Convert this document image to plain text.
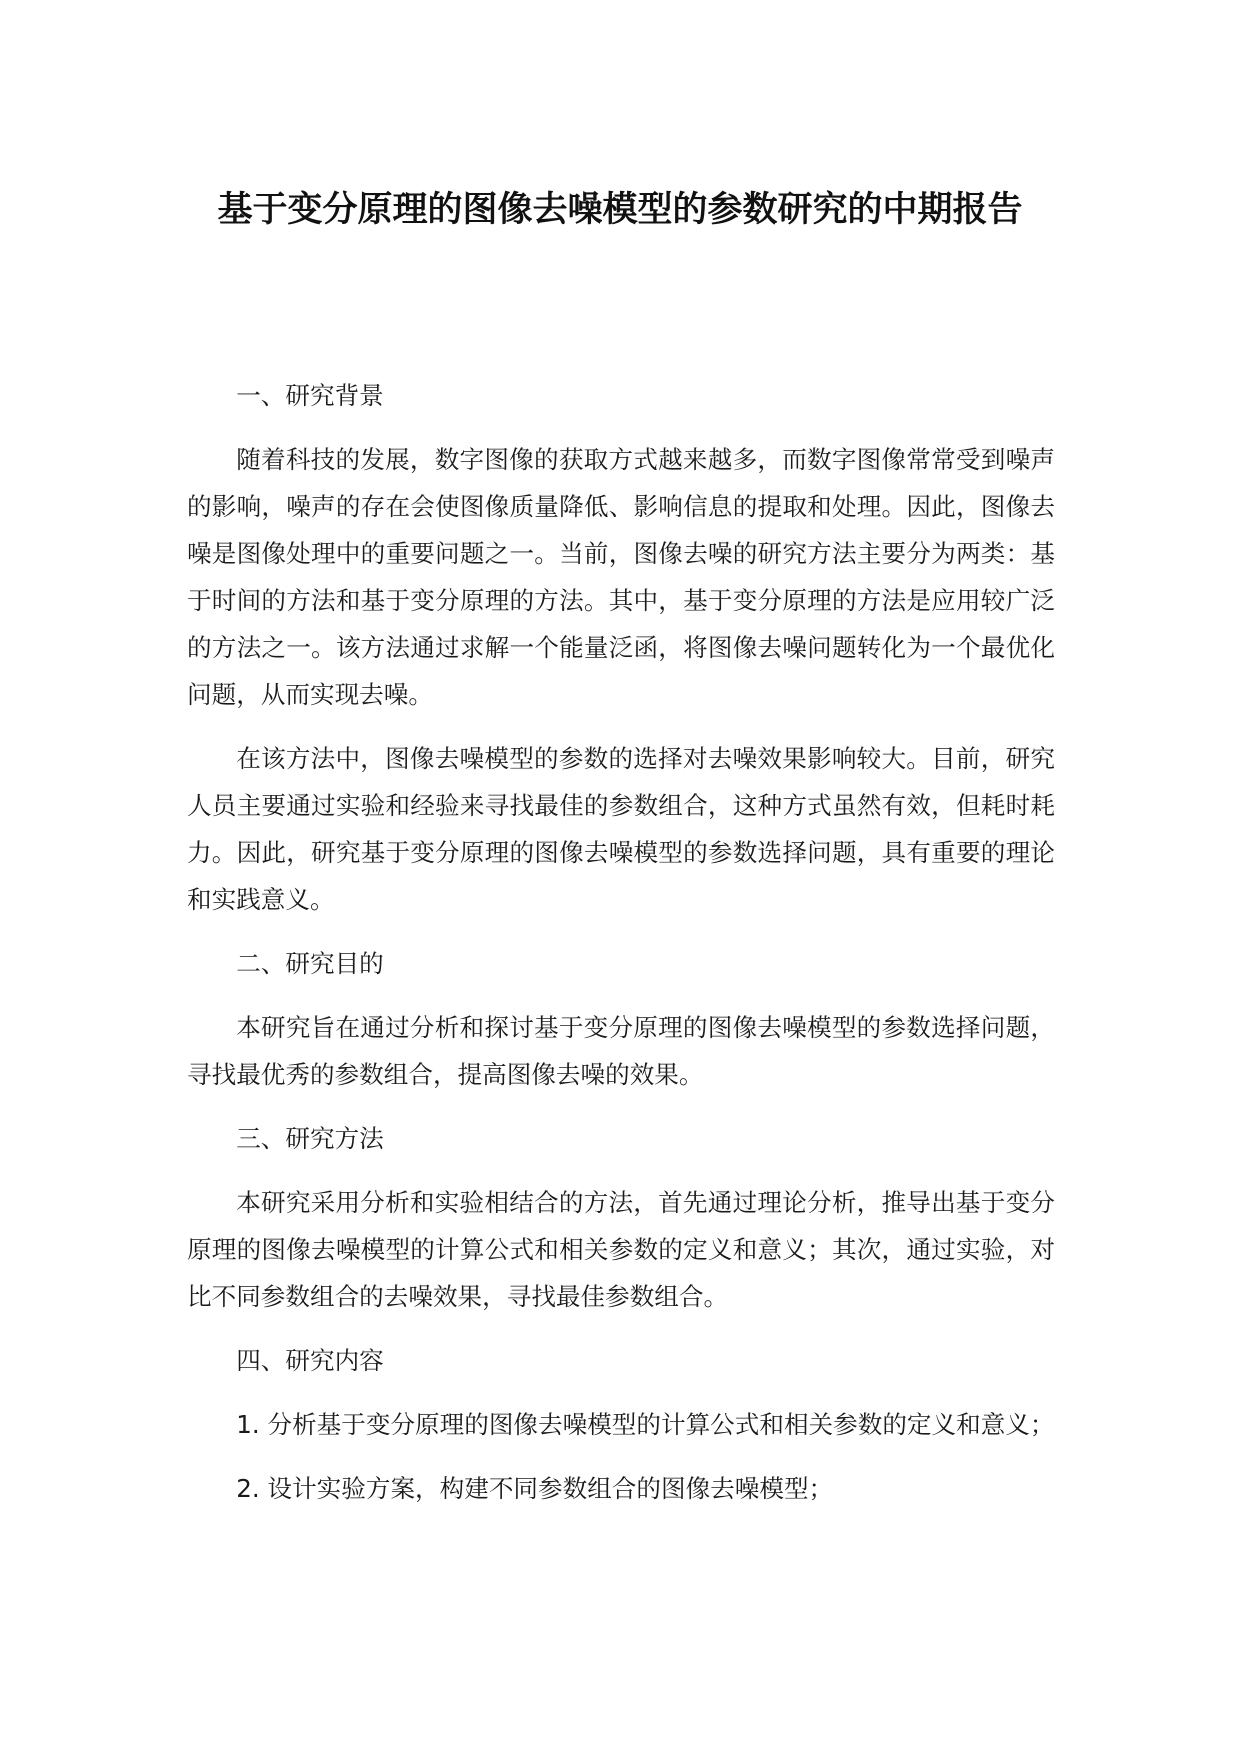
基于变分原理的图像去噪模型的参数研究的中期报告

一、研究背景

随着科技的发展，数字图像的获取方式越来越多，而数字图像常常受到噪声的影响，噪声的存在会使图像质量降低、影响信息的提取和处理。因此，图像去噪是图像处理中的重要问题之一。当前，图像去噪的研究方法主要分为两类：基于时间的方法和基于变分原理的方法。其中，基于变分原理的方法是应用较广泛的方法之一。该方法通过求解一个能量泛函，将图像去噪问题转化为一个最优化问题，从而实现去噪。

在该方法中，图像去噪模型的参数的选择对去噪效果影响较大。目前，研究人员主要通过实验和经验来寻找最佳的参数组合，这种方式虽然有效，但耗时耗力。因此，研究基于变分原理的图像去噪模型的参数选择问题，具有重要的理论和实践意义。

二、研究目的

本研究旨在通过分析和探讨基于变分原理的图像去噪模型的参数选择问题，寻找最优秀的参数组合，提高图像去噪的效果。

三、研究方法

本研究采用分析和实验相结合的方法，首先通过理论分析，推导出基于变分原理的图像去噪模型的计算公式和相关参数的定义和意义；其次，通过实验，对比不同参数组合的去噪效果，寻找最佳参数组合。

四、研究内容

1. 分析基于变分原理的图像去噪模型的计算公式和相关参数的定义和意义；

2. 设计实验方案，构建不同参数组合的图像去噪模型；
